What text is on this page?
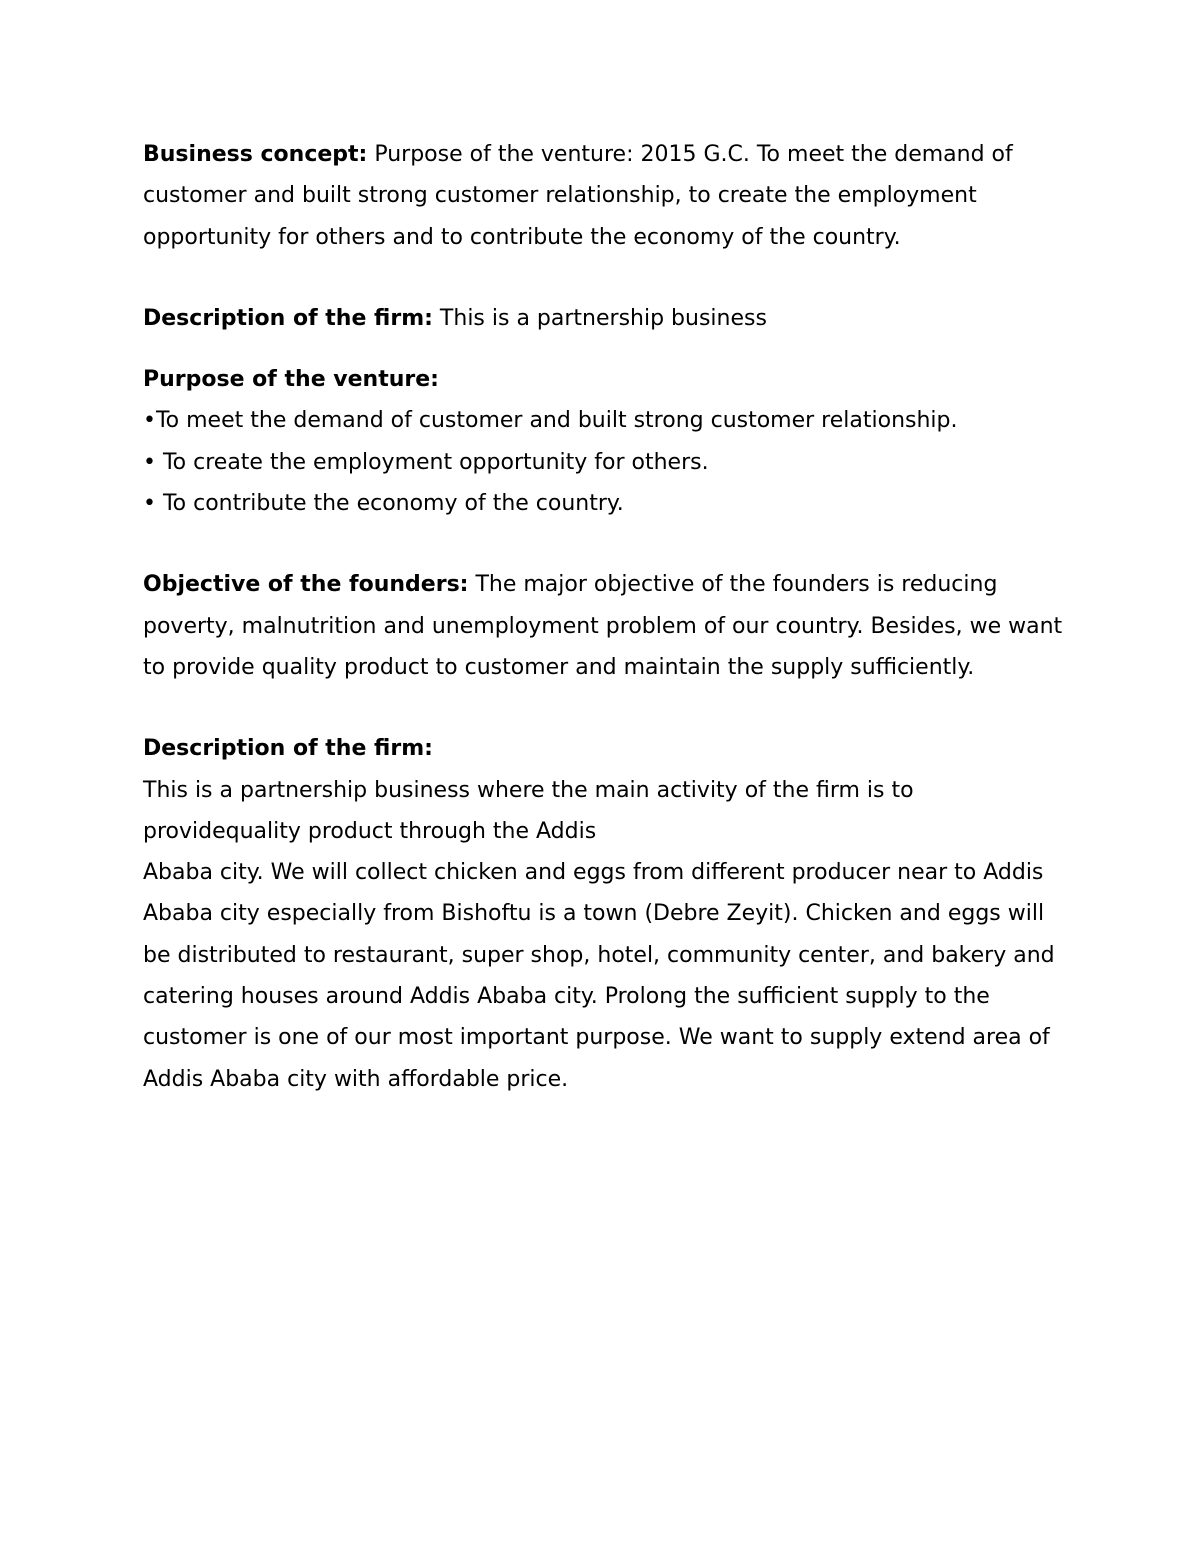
Business concept: Purpose of the venture: 2015 G.C. To meet the demand of customer and built strong customer relationship, to create the employment opportunity for others and to contribute the economy of the country.

Description of the firm: This is a partnership business

Purpose of the venture:

•To meet the demand of customer and built strong customer relationship.

• To create the employment opportunity for others.

• To contribute the economy of the country.

Objective of the founders: The major objective of the founders is reducing poverty, malnutrition and unemployment problem of our country. Besides, we want to provide quality product to customer and maintain the supply sufficiently.

Description of the firm:

This is a partnership business where the main activity of the firm is to providequality product through the Addis

Ababa city. We will collect chicken and eggs from different producer near to Addis Ababa city especially from Bishoftu is a town (Debre Zeyit). Chicken and eggs will be distributed to restaurant, super shop, hotel, community center, and bakery and catering houses around Addis Ababa city. Prolong the sufficient supply to the customer is one of our most important purpose. We want to supply extend area of Addis Ababa city with affordable price.
